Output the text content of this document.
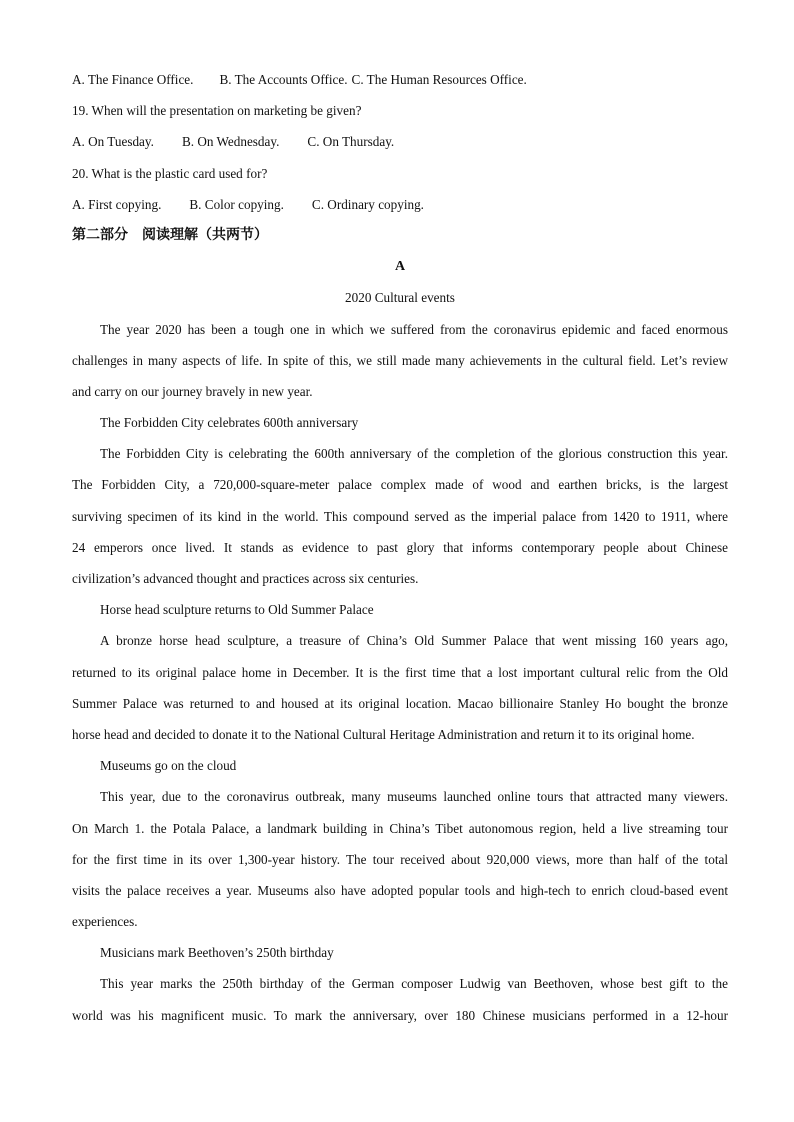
A. The Finance Office. B. The Accounts Office. C. The Human Resources Office.
19. When will the presentation on marketing be given?
A. On Tuesday. B. On Wednesday. C. On Thursday.
20. What is the plastic card used for?
A. First copying. B. Color copying. C. Ordinary copying.
第二部分　阅读理解（共两节）
A
2020 Cultural events
The year 2020 has been a tough one in which we suffered from the coronavirus epidemic and faced enormous
challenges in many aspects of life. In spite of this, we still made many achievements in the cultural field. Let’s review
and carry on our journey bravely in new year.
The Forbidden City celebrates 600th anniversary
The Forbidden City is celebrating the 600th anniversary of the completion of the glorious construction this year.
The Forbidden City, a 720,000-square-meter palace complex made of wood and earthen bricks, is the largest
surviving specimen of its kind in the world. This compound served as the imperial palace from 1420 to 1911, where
24 emperors once lived. It stands as evidence to past glory that informs contemporary people about Chinese
civilization’s advanced thought and practices across six centuries.
Horse head sculpture returns to Old Summer Palace
A bronze horse head sculpture, a treasure of China’s Old Summer Palace that went missing 160 years ago,
returned to its original palace home in December. It is the first time that a lost important cultural relic from the Old
Summer Palace was returned to and housed at its original location. Macao billionaire Stanley Ho bought the bronze
horse head and decided to donate it to the National Cultural Heritage Administration and return it to its original home.
Museums go on the cloud
This year, due to the coronavirus outbreak, many museums launched online tours that attracted many viewers.
On March 1. the Potala Palace, a landmark building in China’s Tibet autonomous region, held a live streaming tour
for the first time in its over 1,300-year history. The tour received about 920,000 views, more than half of the total
visits the palace receives a year. Museums also have adopted popular tools and high-tech to enrich cloud-based event
experiences.
Musicians mark Beethoven’s 250th birthday
This year marks the 250th birthday of the German composer Ludwig van Beethoven, whose best gift to the
world was his magnificent music. To mark the anniversary, over 180 Chinese musicians performed in a 12-hour
